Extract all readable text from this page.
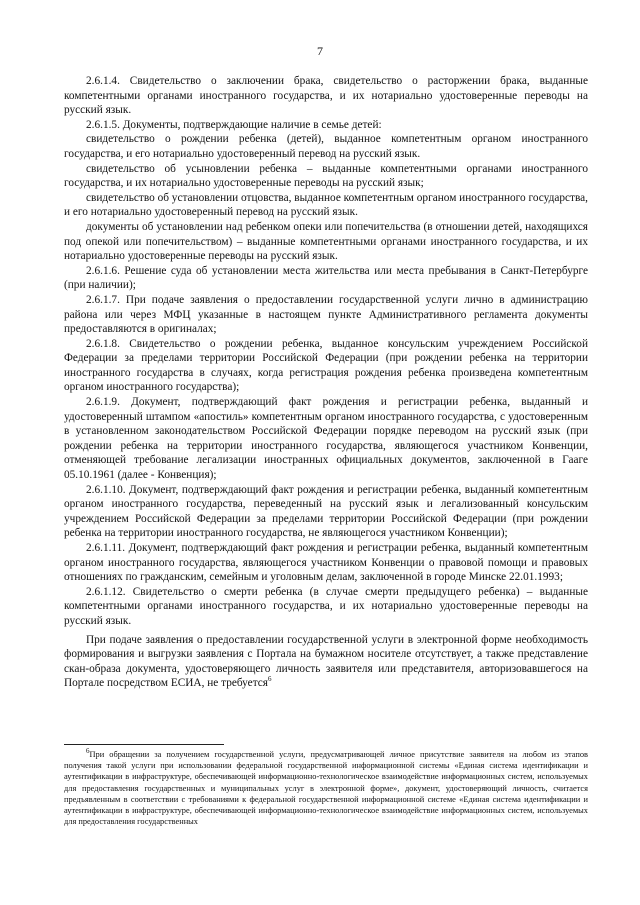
7

2.6.1.4. Свидетельство о заключении брака, свидетельство о расторжении брака, выданные компетентными органами иностранного государства, и их нотариально удостоверенные переводы на русский язык.

2.6.1.5. Документы, подтверждающие наличие в семье детей:

свидетельство о рождении ребенка (детей), выданное компетентным органом иностранного государства, и его нотариально удостоверенный перевод на русский язык.

свидетельство об усыновлении ребенка – выданные компетентными органами иностранного государства, и их нотариально удостоверенные переводы на русский язык;

свидетельство об установлении отцовства, выданное компетентным органом иностранного государства, и его нотариально удостоверенный перевод на русский язык.

документы об установлении над ребенком опеки или попечительства (в отношении детей, находящихся под опекой или попечительством) – выданные компетентными органами иностранного государства, и их нотариально удостоверенные переводы на русский язык.

2.6.1.6. Решение суда об установлении места жительства или места пребывания в Санкт-Петербурге (при наличии);

2.6.1.7. При подаче заявления о предоставлении государственной услуги лично в администрацию района или через МФЦ указанные в настоящем пункте Административного регламента документы предоставляются в оригиналах;

2.6.1.8. Свидетельство о рождении ребенка, выданное консульским учреждением Российской Федерации за пределами территории Российской Федерации (при рождении ребенка на территории иностранного государства в случаях, когда регистрация рождения ребенка произведена компетентным органом иностранного государства);

2.6.1.9. Документ, подтверждающий факт рождения и регистрации ребенка, выданный и удостоверенный штампом «апостиль» компетентным органом иностранного государства, с удостоверенным в установленном законодательством Российской Федерации порядке переводом на русский язык (при рождении ребенка на территории иностранного государства, являющегося участником Конвенции, отменяющей требование легализации иностранных официальных документов, заключенной в Гааге 05.10.1961 (далее - Конвенция);

2.6.1.10. Документ, подтверждающий факт рождения и регистрации ребенка, выданный компетентным органом иностранного государства, переведенный на русский язык и легализованный консульским учреждением Российской Федерации за пределами территории Российской Федерации (при рождении ребенка на территории иностранного государства, не являющегося участником Конвенции);

2.6.1.11. Документ, подтверждающий факт рождения и регистрации ребенка, выданный компетентным органом иностранного государства, являющегося участником Конвенции о правовой помощи и правовых отношениях по гражданским, семейным и уголовным делам, заключенной в городе Минске 22.01.1993;

2.6.1.12. Свидетельство о смерти ребенка (в случае смерти предыдущего ребенка) – выданные компетентными органами иностранного государства, и их нотариально удостоверенные переводы на русский язык.

При подаче заявления о предоставлении государственной услуги в электронной форме необходимость формирования и выгрузки заявления с Портала на бумажном носителе отсутствует, а также представление скан-образа документа, удостоверяющего личность заявителя или представителя, авторизовавшегося на Портале посредством ЕСИА, не требуется$^6$

$^6$При обращении за получением государственной услуги, предусматривающей личное присутствие заявителя на любом из этапов получения такой услуги при использовании федеральной государственной информационной системы «Единая система идентификации и аутентификации в инфраструктуре, обеспечивающей информационно-технологическое взаимодействие информационных систем, используемых для предоставления государственных и муниципальных услуг в электронной форме», документ, удостоверяющий личность, считается предъявленным в соответствии с требованиями к федеральной государственной информационной системе «Единая система идентификации и аутентификации в инфраструктуре, обеспечивающей информационно-технологическое взаимодействие информационных систем, используемых для предоставления государственных
